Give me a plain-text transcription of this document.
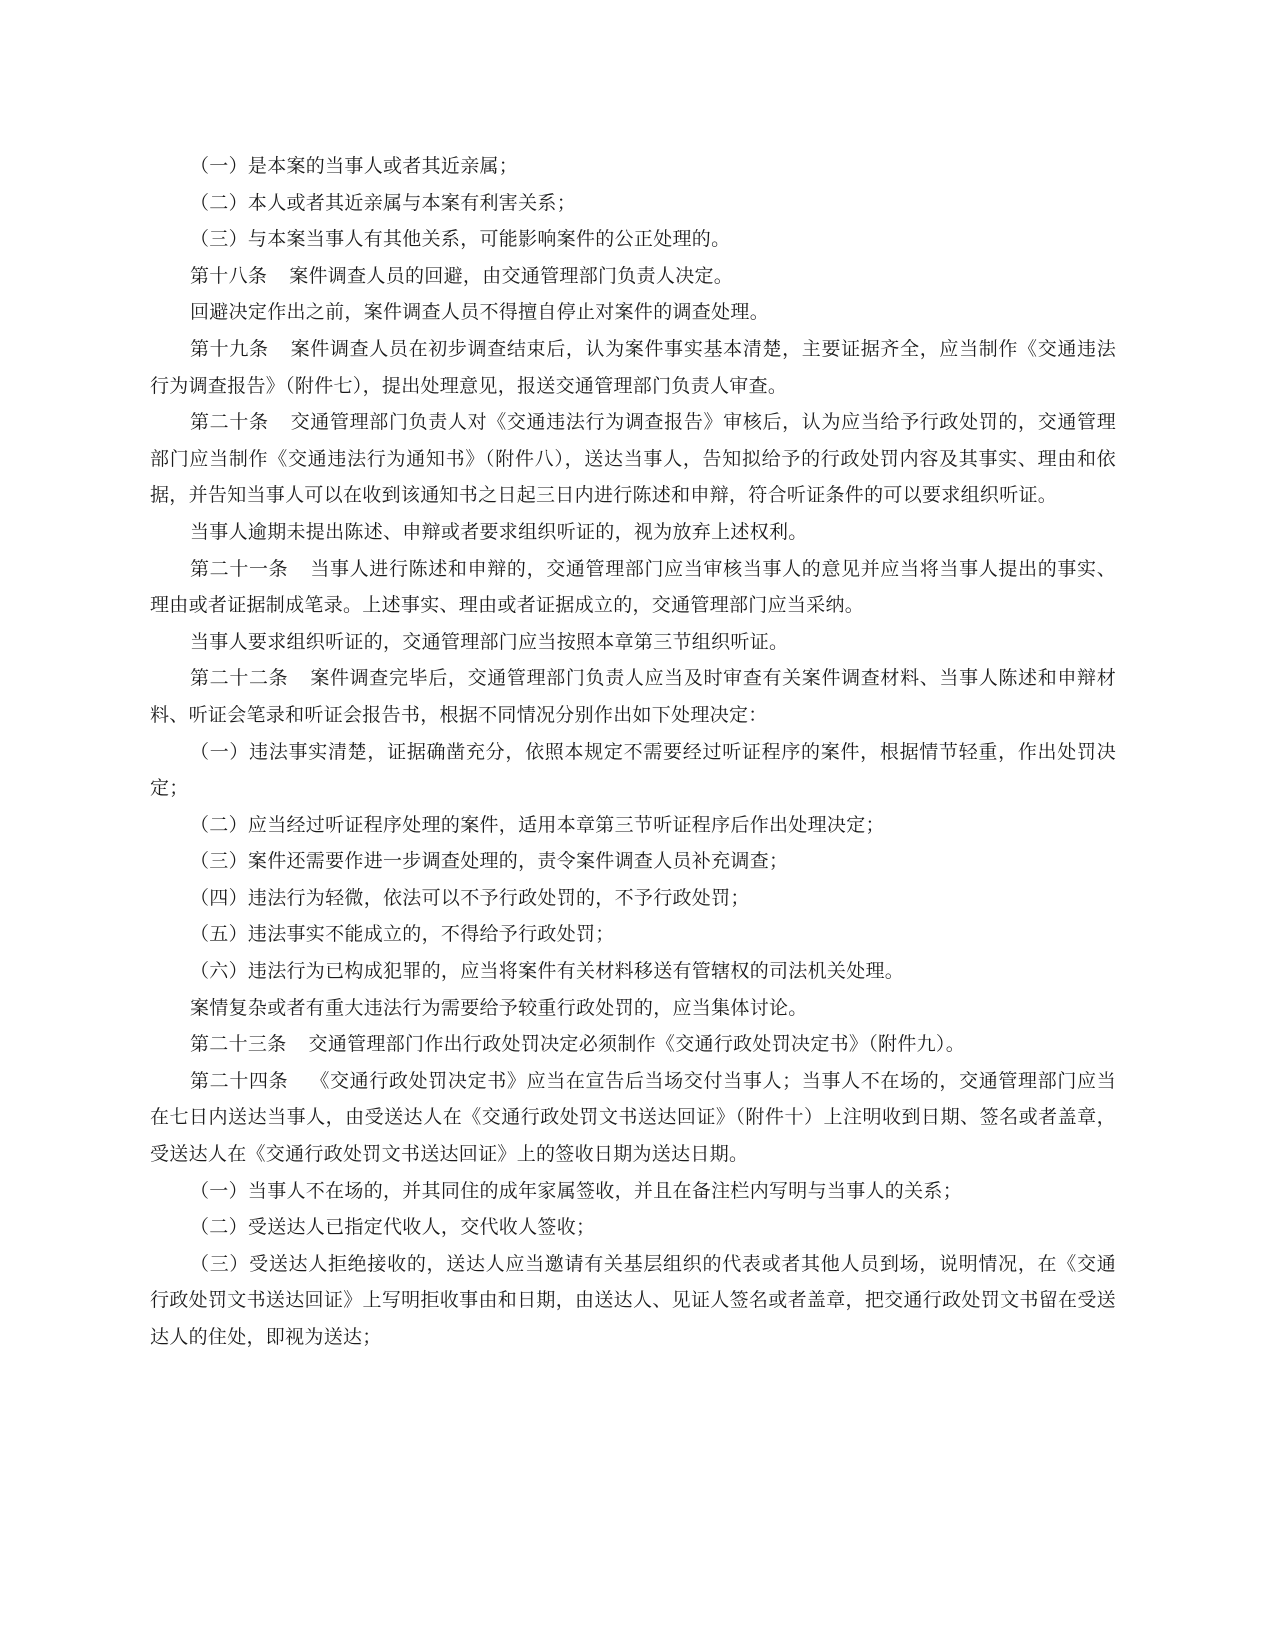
（一）是本案的当事人或者其近亲属；

（二）本人或者其近亲属与本案有利害关系；

（三）与本案当事人有其他关系，可能影响案件的公正处理的。

第十八条 案件调查人员的回避，由交通管理部门负责人决定。

回避决定作出之前，案件调查人员不得擅自停止对案件的调查处理。

第十九条 案件调查人员在初步调查结束后，认为案件事实基本清楚，主要证据齐全，应当制作《交通违法行为调查报告》（附件七），提出处理意见，报送交通管理部门负责人审查。

第二十条 交通管理部门负责人对《交通违法行为调查报告》审核后，认为应当给予行政处罚的，交通管理部门应当制作《交通违法行为通知书》（附件八），送达当事人，告知拟给予的行政处罚内容及其事实、理由和依据，并告知当事人可以在收到该通知书之日起三日内进行陈述和申辩，符合听证条件的可以要求组织听证。

当事人逾期未提出陈述、申辩或者要求组织听证的，视为放弃上述权利。

第二十一条 当事人进行陈述和申辩的，交通管理部门应当审核当事人的意见并应当将当事人提出的事实、理由或者证据制成笔录。上述事实、理由或者证据成立的，交通管理部门应当采纳。

当事人要求组织听证的，交通管理部门应当按照本章第三节组织听证。

第二十二条 案件调查完毕后，交通管理部门负责人应当及时审查有关案件调查材料、当事人陈述和申辩材料、听证会笔录和听证会报告书，根据不同情况分别作出如下处理决定：

（一）违法事实清楚，证据确凿充分，依照本规定不需要经过听证程序的案件，根据情节轻重，作出处罚决定；

（二）应当经过听证程序处理的案件，适用本章第三节听证程序后作出处理决定；

（三）案件还需要作进一步调查处理的，责令案件调查人员补充调查；

（四）违法行为轻微，依法可以不予行政处罚的，不予行政处罚；

（五）违法事实不能成立的，不得给予行政处罚；

（六）违法行为已构成犯罪的，应当将案件有关材料移送有管辖权的司法机关处理。

案情复杂或者有重大违法行为需要给予较重行政处罚的，应当集体讨论。

第二十三条 交通管理部门作出行政处罚决定必须制作《交通行政处罚决定书》（附件九）。

第二十四条 《交通行政处罚决定书》应当在宣告后当场交付当事人；当事人不在场的，交通管理部门应当在七日内送达当事人，由受送达人在《交通行政处罚文书送达回证》（附件十）上注明收到日期、签名或者盖章，受送达人在《交通行政处罚文书送达回证》上的签收日期为送达日期。

（一）当事人不在场的，并其同住的成年家属签收，并且在备注栏内写明与当事人的关系；

（二）受送达人已指定代收人，交代收人签收；

（三）受送达人拒绝接收的，送达人应当邀请有关基层组织的代表或者其他人员到场，说明情况，在《交通行政处罚文书送达回证》上写明拒收事由和日期，由送达人、见证人签名或者盖章，把交通行政处罚文书留在受送达人的住处，即视为送达；
